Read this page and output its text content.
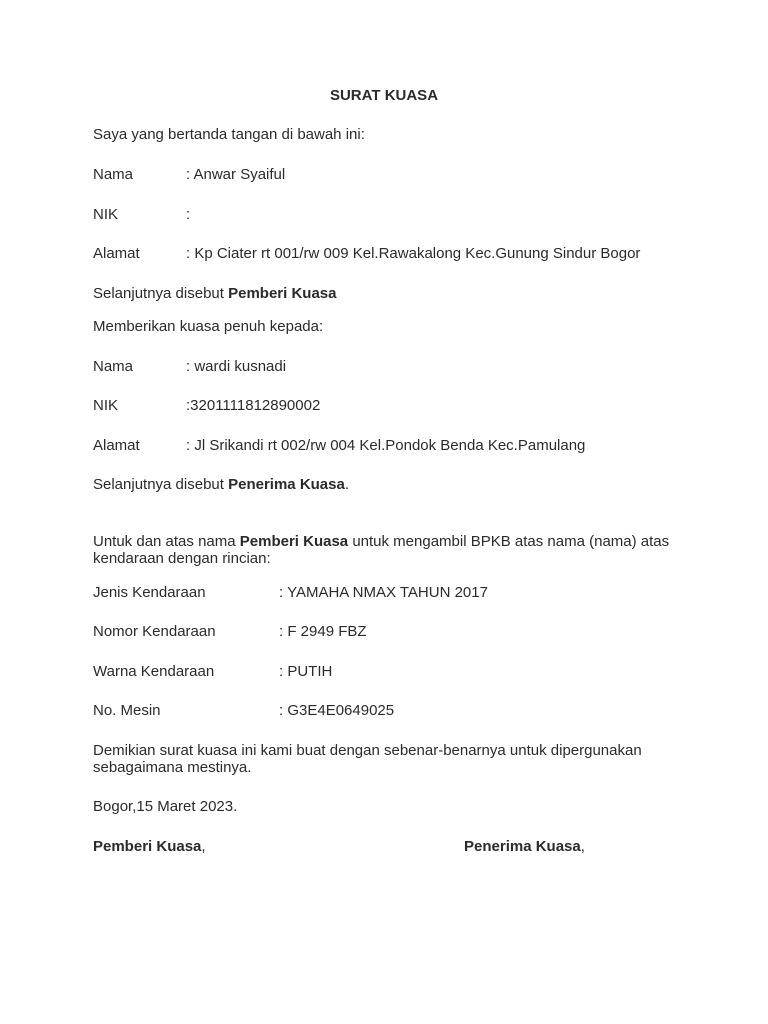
SURAT KUASA
Saya yang bertanda tangan di bawah ini:
Nama	: Anwar Syaiful
NIK	:
Alamat	: Kp Ciater rt 001/rw 009 Kel.Rawakalong Kec.Gunung Sindur Bogor
Selanjutnya disebut Pemberi Kuasa
Memberikan kuasa penuh kepada:
Nama	: wardi kusnadi
NIK	:3201111812890002
Alamat	: Jl Srikandi rt 002/rw 004 Kel.Pondok Benda Kec.Pamulang
Selanjutnya disebut Penerima Kuasa.
Untuk dan atas nama Pemberi Kuasa untuk mengambil BPKB atas nama (nama) atas kendaraan dengan rincian:
Jenis Kendaraan	: YAMAHA NMAX TAHUN 2017
Nomor Kendaraan	: F 2949 FBZ
Warna Kendaraan	: PUTIH
No. Mesin	: G3E4E0649025
Demikian surat kuasa ini kami buat dengan sebenar-benarnya untuk dipergunakan sebagaimana mestinya.
Bogor,15 Maret 2023.
Pemberi Kuasa,	Penerima Kuasa,
